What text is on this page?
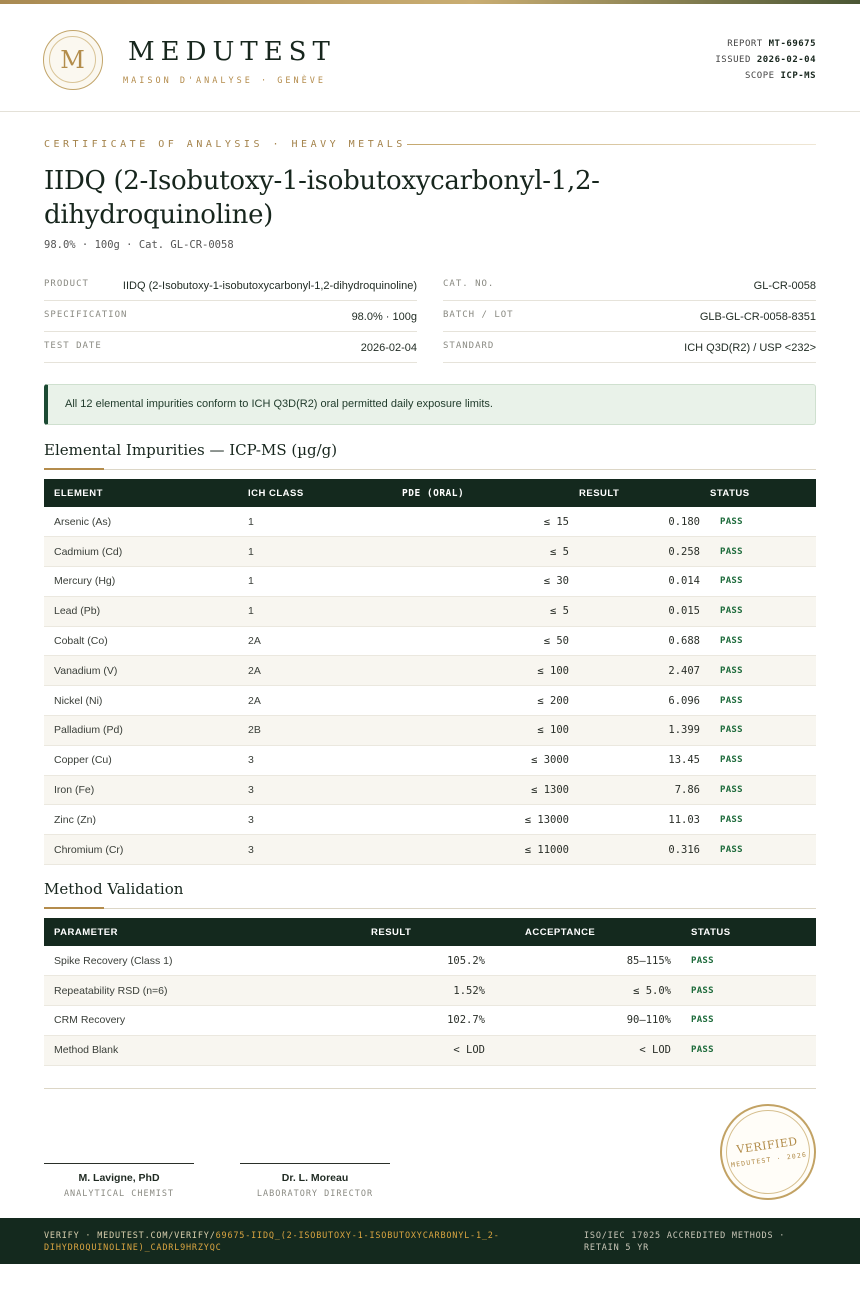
M	MEDUTEST
MAISON D'ANALYSE · GENÈVE
REPORT MT-69675
ISSUED 2026-02-04
SCOPE ICP-MS
CERTIFICATE OF ANALYSIS · HEAVY METALS
IIDQ (2-Isobutoxy-1-isobutoxycarbonyl-1,2-dihydroquinoline)
98.0% · 100g · Cat. GL-CR-0058
PRODUCT	IIDQ (2-Isobutoxy-1-isobutoxycarbonyl-1,2-dihydroquinoline)
SPECIFICATION	98.0% · 100g
TEST DATE	2026-02-04
CAT. NO.	GL-CR-0058
BATCH / LOT	GLB-GL-CR-0058-8351
STANDARD	ICH Q3D(R2) / USP <232>
All 12 elemental impurities conform to ICH Q3D(R2) oral permitted daily exposure limits.
Elemental Impurities — ICP-MS (µg/g)
ELEMENT	ICH CLASS	PDE (ORAL)	RESULT	STATUS
Arsenic (As)	1	≤ 15	0.180	PASS
Cadmium (Cd)	1	≤ 5	0.258	PASS
Mercury (Hg)	1	≤ 30	0.014	PASS
Lead (Pb)	1	≤ 5	0.015	PASS
Cobalt (Co)	2A	≤ 50	0.688	PASS
Vanadium (V)	2A	≤ 100	2.407	PASS
Nickel (Ni)	2A	≤ 200	6.096	PASS
Palladium (Pd)	2B	≤ 100	1.399	PASS
Copper (Cu)	3	≤ 3000	13.45	PASS
Iron (Fe)	3	≤ 1300	7.86	PASS
Zinc (Zn)	3	≤ 13000	11.03	PASS
Chromium (Cr)	3	≤ 11000	0.316	PASS
Method Validation
PARAMETER	RESULT	ACCEPTANCE	STATUS
Spike Recovery (Class 1)	105.2%	85–115%	PASS
Repeatability RSD (n=6)	1.52%	≤ 5.0%	PASS
CRM Recovery	102.7%	90–110%	PASS
Method Blank	< LOD	< LOD	PASS
M. Lavigne, PhD
ANALYTICAL CHEMIST
Dr. L. Moreau
LABORATORY DIRECTOR
VERIFIED
MEDUTEST · 2026
VERIFY · MEDUTEST.COM/VERIFY/69675-IIDQ_(2-ISOBUTOXY-1-ISOBUTOXYCARBONYL-1_2-DIHYDROQUINOLINE)_CADRL9HRZYQC
ISO/IEC 17025 ACCREDITED METHODS · RETAIN 5 YR
